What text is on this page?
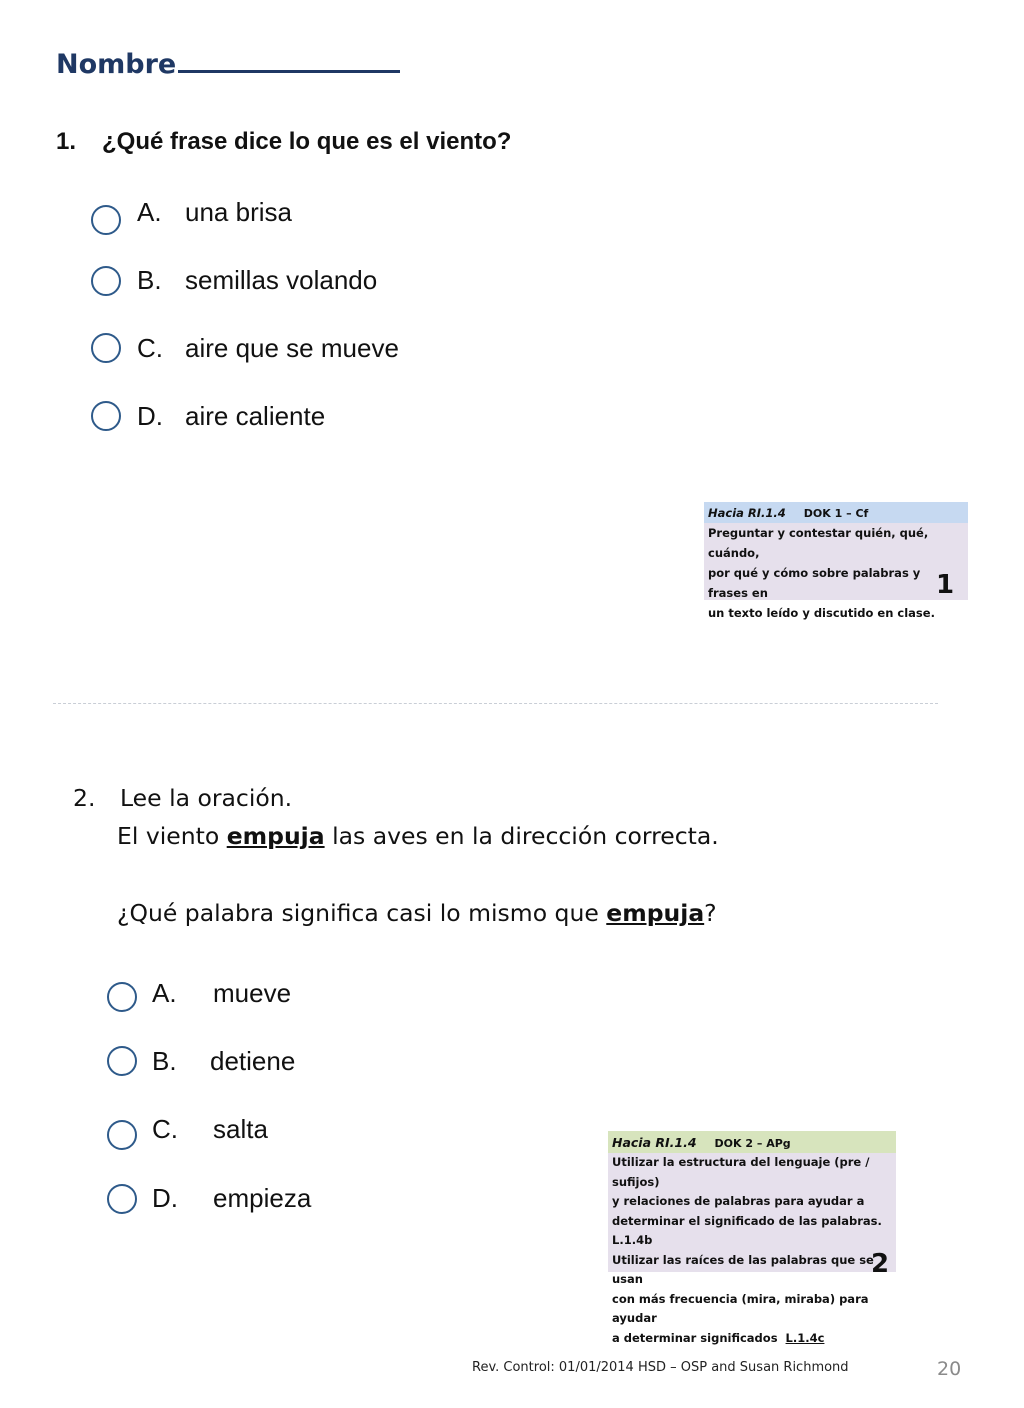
Nombre
1. ¿Qué frase dice lo que es el viento?
A. una brisa
B. semillas volando
C. aire que se mueve
D. aire caliente
Hacia RI.1.4 DOK 1 – Cf
Preguntar y contestar quién, qué, cuándo,
por qué y cómo sobre palabras y frases en
un texto leído y discutido en clase.
1
2. Lee la oración.
El viento empuja las aves en la dirección correcta.
¿Qué palabra significa casi lo mismo que empuja?
A. mueve
B. detiene
C. salta
D. empieza
Hacia RI.1.4 DOK 2 – APg
Utilizar la estructura del lenguaje (pre / sufijos)
y relaciones de palabras para ayudar a
determinar el significado de las palabras. L.1.4b
Utilizar las raíces de las palabras que se usan
con más frecuencia (mira, miraba) para ayudar
a determinar significados  L.1.4c
2
Rev. Control: 01/01/2014 HSD – OSP and Susan Richmond	20
